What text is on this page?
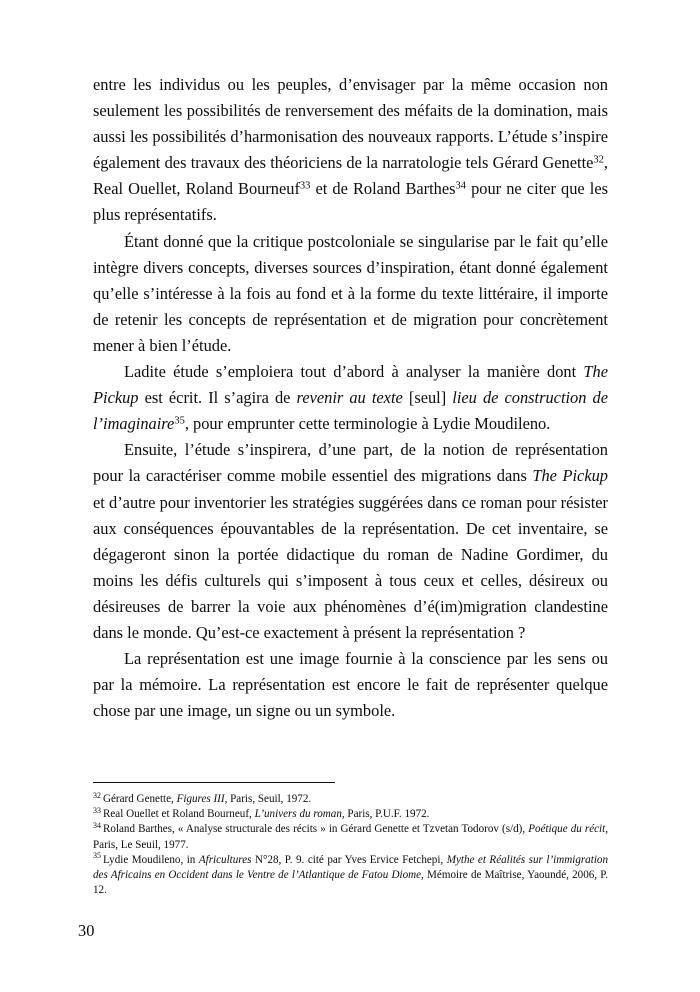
entre les individus ou les peuples, d’envisager par la même occasion non seulement les possibilités de renversement des méfaits de la domination, mais aussi les possibilités d’harmonisation des nouveaux rapports. L’étude s’inspire également des travaux des théoriciens de la narratologie tels Gérard Genette$^{32}$, Real Ouellet, Roland Bourneuf$^{33}$ et de Roland Barthes$^{34}$ pour ne citer que les plus représentatifs.

Étant donné que la critique postcoloniale se singularise par le fait qu’elle intègre divers concepts, diverses sources d’inspiration, étant donné également qu’elle s’intéresse à la fois au fond et à la forme du texte littéraire, il importe de retenir les concepts de représentation et de migration pour concrètement mener à bien l’étude.

Ladite étude s’emploiera tout d’abord à analyser la manière dont The Pickup est écrit. Il s’agira de revenir au texte [seul] lieu de construction de l’imaginaire$^{35}$, pour emprunter cette terminologie à Lydie Moudileno.

Ensuite, l’étude s’inspirera, d’une part, de la notion de représentation pour la caractériser comme mobile essentiel des migrations dans The Pickup et d’autre pour inventorier les stratégies suggérées dans ce roman pour résister aux conséquences épouvantables de la représentation. De cet inventaire, se dégageront sinon la portée didactique du roman de Nadine Gordimer, du moins les défis culturels qui s’imposent à tous ceux et celles, désireux ou désireuses de barrer la voie aux phénomènes d’é(im)migration clandestine dans le monde. Qu’est-ce exactement à présent la représentation ?

La représentation est une image fournie à la conscience par les sens ou par la mémoire. La représentation est encore le fait de représenter quelque chose par une image, un signe ou un symbole.

$^{32}$ Gérard Genette, Figures III, Paris, Seuil, 1972.

$^{33}$ Real Ouellet et Roland Bourneuf, L’univers du roman, Paris, P.U.F. 1972.

$^{34}$ Roland Barthes, « Analyse structurale des récits » in Gérard Genette et Tzvetan Todorov (s/d), Poétique du récit, Paris, Le Seuil, 1977.

$^{35}$ Lydie Moudileno, in Africultures N°28, P. 9. cité par Yves Ervice Fetchepi, Mythe et Réalités sur l’immigration des Africains en Occident dans le Ventre de l’Atlantique de Fatou Diome, Mémoire de Maîtrise, Yaoundé, 2006, P. 12.

30
